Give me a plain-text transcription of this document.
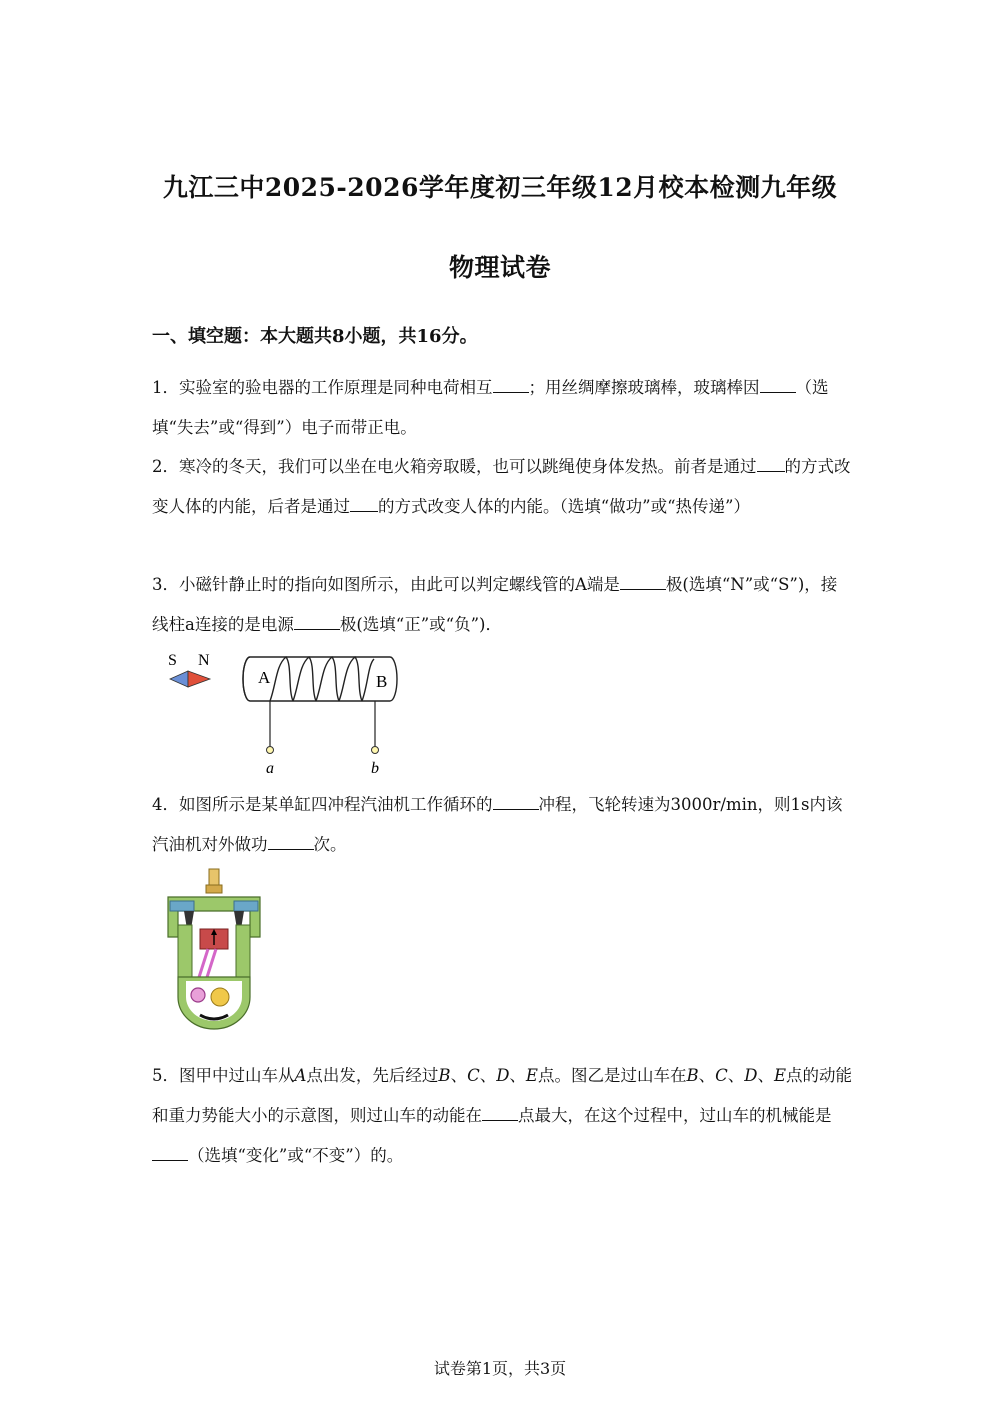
九江三中2025-2026学年度初三年级12月校本检测九年级
物理试卷
一、填空题：本大题共8小题，共16分。
1．实验室的验电器的工作原理是同种电荷相互 ；用丝绸摩擦玻璃棒，玻璃棒因 （选填“失去”或“得到”）电子而带正电。
2．寒冷的冬天，我们可以坐在电火箱旁取暖，也可以跳绳使身体发热。前者是通过 的方式改变人体的内能，后者是通过 的方式改变人体的内能。（选填“做功”或“热传递”）
3．小磁针静止时的指向如图所示，由此可以判定螺线管的A端是	极(选填“N”或“S”)，接线柱a连接的是电源	极(选填“正”或“负”)．
S N
A	B
a	b
4．如图所示是某单缸四冲程汽油机工作循环的	冲程，飞轮转速为3000r/min，则1s内该汽油机对外做功	次。
5．图甲中过山车从A点出发，先后经过B、C、D、E点。图乙是过山车在B、C、D、E点的动能和重力势能大小的示意图，则过山车的动能在 点最大，在这个过程中，过山车的机械能是（选填“变化”或“不变”）的。
试卷第1页，共3页
